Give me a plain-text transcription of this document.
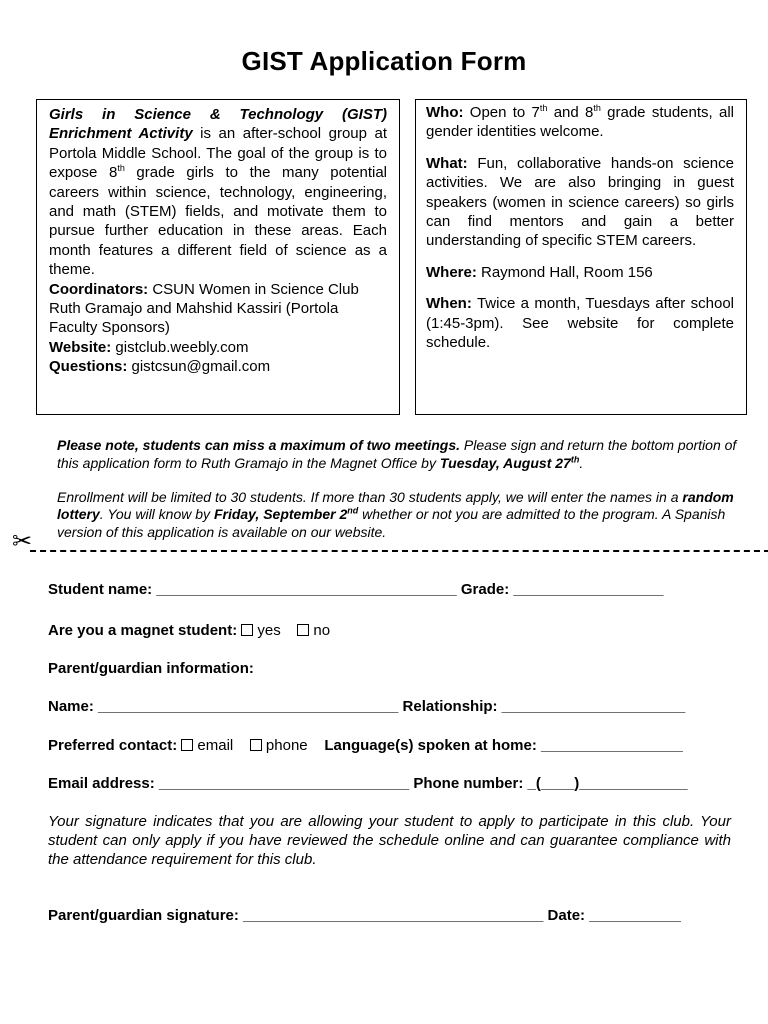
GIST Application Form

Girls in Science & Technology (GIST) Enrichment Activity is an after-school group at Portola Middle School. The goal of the group is to expose 8th grade girls to the many potential careers within science, technology, engineering, and math (STEM) fields, and motivate them to pursue further education in these areas. Each month features a different field of science as a theme.

Coordinators: CSUN Women in Science Club Ruth Gramajo and Mahshid Kassiri (Portola Faculty Sponsors)

Website: gistclub.weebly.com

Questions: gistcsun@gmail.com

Who: Open to 7th and 8th grade students, all gender identities welcome.

What: Fun, collaborative hands-on science activities. We are also bringing in guest speakers (women in science careers) so girls can find mentors and gain a better understanding of specific STEM careers.

Where: Raymond Hall, Room 156

When: Twice a month, Tuesdays after school (1:45-3pm). See website for complete schedule.

Please note, students can miss a maximum of two meetings. Please sign and return the bottom portion of this application form to Ruth Gramajo in the Magnet Office by Tuesday, August 27th.

Enrollment will be limited to 30 students. If more than 30 students apply, we will enter the names in a random lottery. You will know by Friday, September 2nd whether or not you are admitted to the program. A Spanish version of this application is available on our website.

✂
Student name: ____________________________________ Grade: __________________
Are you a magnet student: yes no
Parent/guardian information:
Name: ____________________________________ Relationship: ______________________
Preferred contact: email phone Language(s) spoken at home: _________________
Email address: ______________________________ Phone number: _(____)_____________
Your signature indicates that you are allowing your student to apply to participate in this club. Your student can only apply if you have reviewed the schedule online and can guarantee compliance with the attendance requirement for this club.
Parent/guardian signature: ____________________________________ Date: ___________
